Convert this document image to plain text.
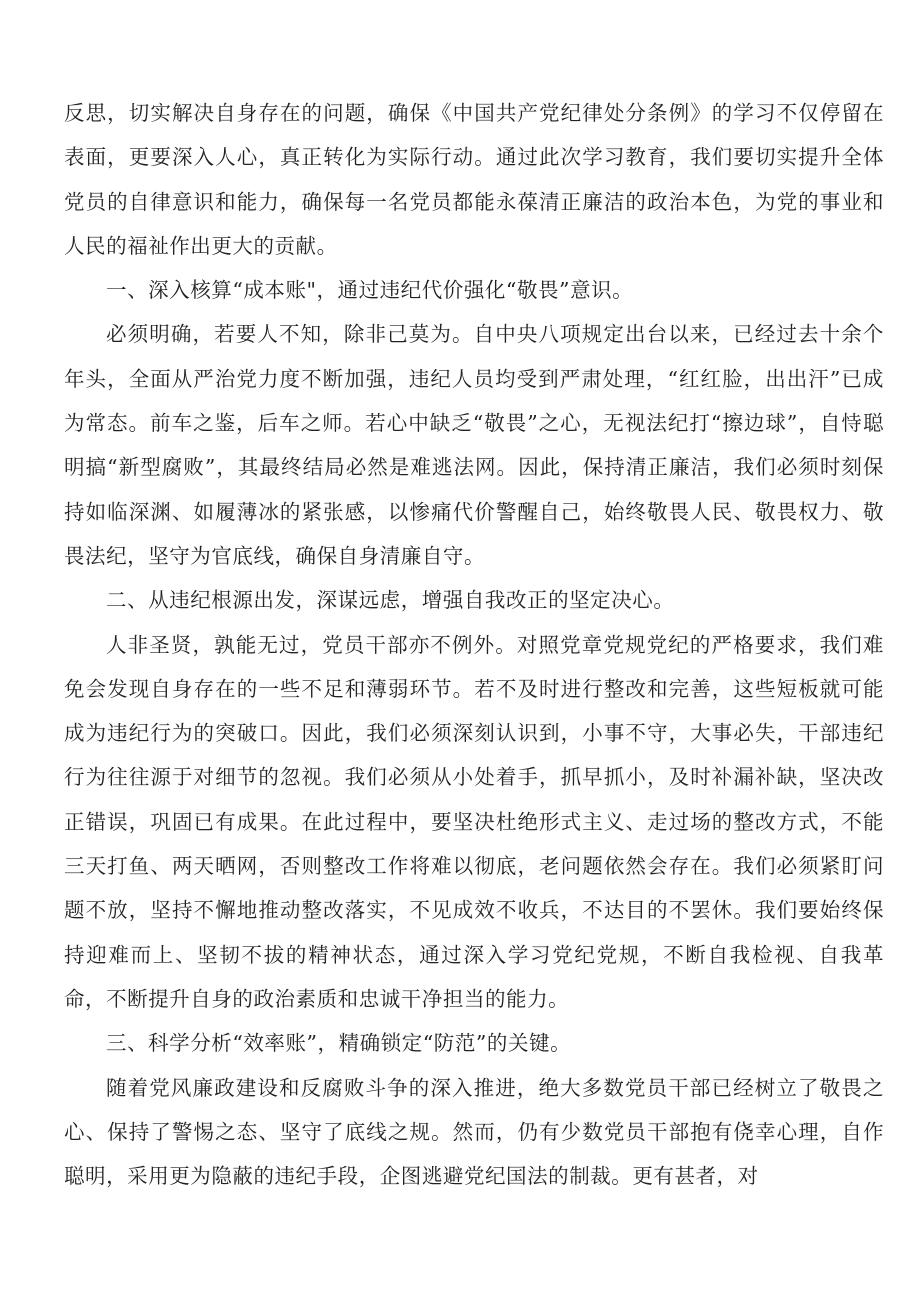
反思，切实解决自身存在的问题，确保《中国共产党纪律处分条例》的学习不仅停留在表面，更要深入人心，真正转化为实际行动。通过此次学习教育，我们要切实提升全体党员的自律意识和能力，确保每一名党员都能永葆清正廉洁的政治本色，为党的事业和人民的福祉作出更大的贡献。

一、深入核算“成本账"，通过违纪代价强化“敬畏”意识。

必须明确，若要人不知，除非己莫为。自中央八项规定出台以来，已经过去十余个年头，全面从严治党力度不断加强，违纪人员均受到严肃处理，“红红脸，出出汗”已成为常态。前车之鉴，后车之师。若心中缺乏“敬畏”之心，无视法纪打“擦边球”，自恃聪明搞“新型腐败”，其最终结局必然是难逃法网。因此，保持清正廉洁，我们必须时刻保持如临深渊、如履薄冰的紧张感，以惨痛代价警醒自己，始终敬畏人民、敬畏权力、敬畏法纪，坚守为官底线，确保自身清廉自守。

二、从违纪根源出发，深谋远虑，增强自我改正的坚定决心。

人非圣贤，孰能无过，党员干部亦不例外。对照党章党规党纪的严格要求，我们难免会发现自身存在的一些不足和薄弱环节。若不及时进行整改和完善，这些短板就可能成为违纪行为的突破口。因此，我们必须深刻认识到，小事不守，大事必失，干部违纪行为往往源于对细节的忽视。我们必须从小处着手，抓早抓小，及时补漏补缺，坚决改正错误，巩固已有成果。在此过程中，要坚决杜绝形式主义、走过场的整改方式，不能三天打鱼、两天晒网，否则整改工作将难以彻底，老问题依然会存在。我们必须紧盯问题不放，坚持不懈地推动整改落实，不见成效不收兵，不达目的不罢休。我们要始终保持迎难而上、坚韧不拔的精神状态，通过深入学习党纪党规，不断自我检视、自我革命，不断提升自身的政治素质和忠诚干净担当的能力。

三、科学分析“效率账”，精确锁定“防范”的关键。

随着党风廉政建设和反腐败斗争的深入推进，绝大多数党员干部已经树立了敬畏之心、保持了警惕之态、坚守了底线之规。然而，仍有少数党员干部抱有侥幸心理，自作聪明，采用更为隐蔽的违纪手段，企图逃避党纪国法的制裁。更有甚者，对
